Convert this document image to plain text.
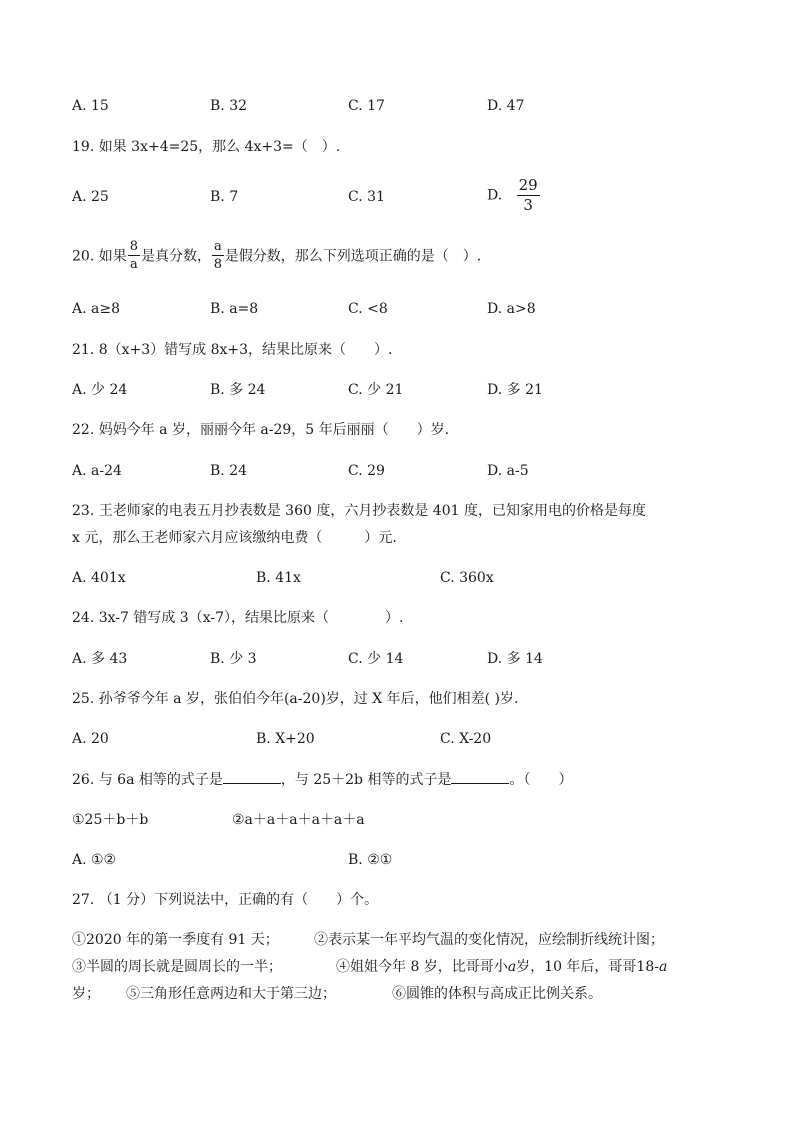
A. 15	B. 32	C. 17	D. 47
19. 如果 3x+4=25，那么 4x+3=（　）.
A. 25	B. 7	C. 31	D. $\frac{29}{3}$
20. 如果 $\frac{8}{a}$ 是真分数， $\frac{a}{8}$ 是假分数，那么下列选项正确的是（　）.
A. a≥8	B. a=8	C. <8	D. a>8
21. 8（x+3）错写成 8x+3，结果比原来（　　）.
A. 少 24	B. 多 24	C. 少 21	D. 多 21
22. 妈妈今年 a 岁，丽丽今年 a-29，5 年后丽丽（　　）岁.
A. a-24	B. 24	C. 29	D. a-5
23. 王老师家的电表五月抄表数是 360 度，六月抄表数是 401 度，已知家用电的价格是每度
x 元，那么王老师家六月应该缴纳电费（　　　）元.
A. 401x	B. 41x	C. 360x
24. 3x-7 错写成 3（x-7），结果比原来（　　　　）.
A. 多 43	B. 少 3	C. 少 14	D. 多 14
25. 孙爷爷今年 a 岁，张伯伯今年(a-20)岁，过 X 年后，他们相差( )岁.
A. 20	B. X+20	C. X-20
26. 与 6a 相等的式子是	，与 25＋2b 相等的式子是	。（　　）
①25＋b＋b	②a＋a＋a＋a＋a＋a
A. ①②	B. ②①
27. （1 分）下列说法中，正确的有（　　）个。
①2020 年的第一季度有 91 天；	②表示某一年平均气温的变化情况，应绘制折线统计图；
③半圆的周长就是圆周长的一半；	④姐姐今年 8 岁，比哥哥小a岁，10 年后，哥哥18-a
岁； ⑤三角形任意两边和大于第三边；	⑥圆锥的体积与高成正比例关系。
